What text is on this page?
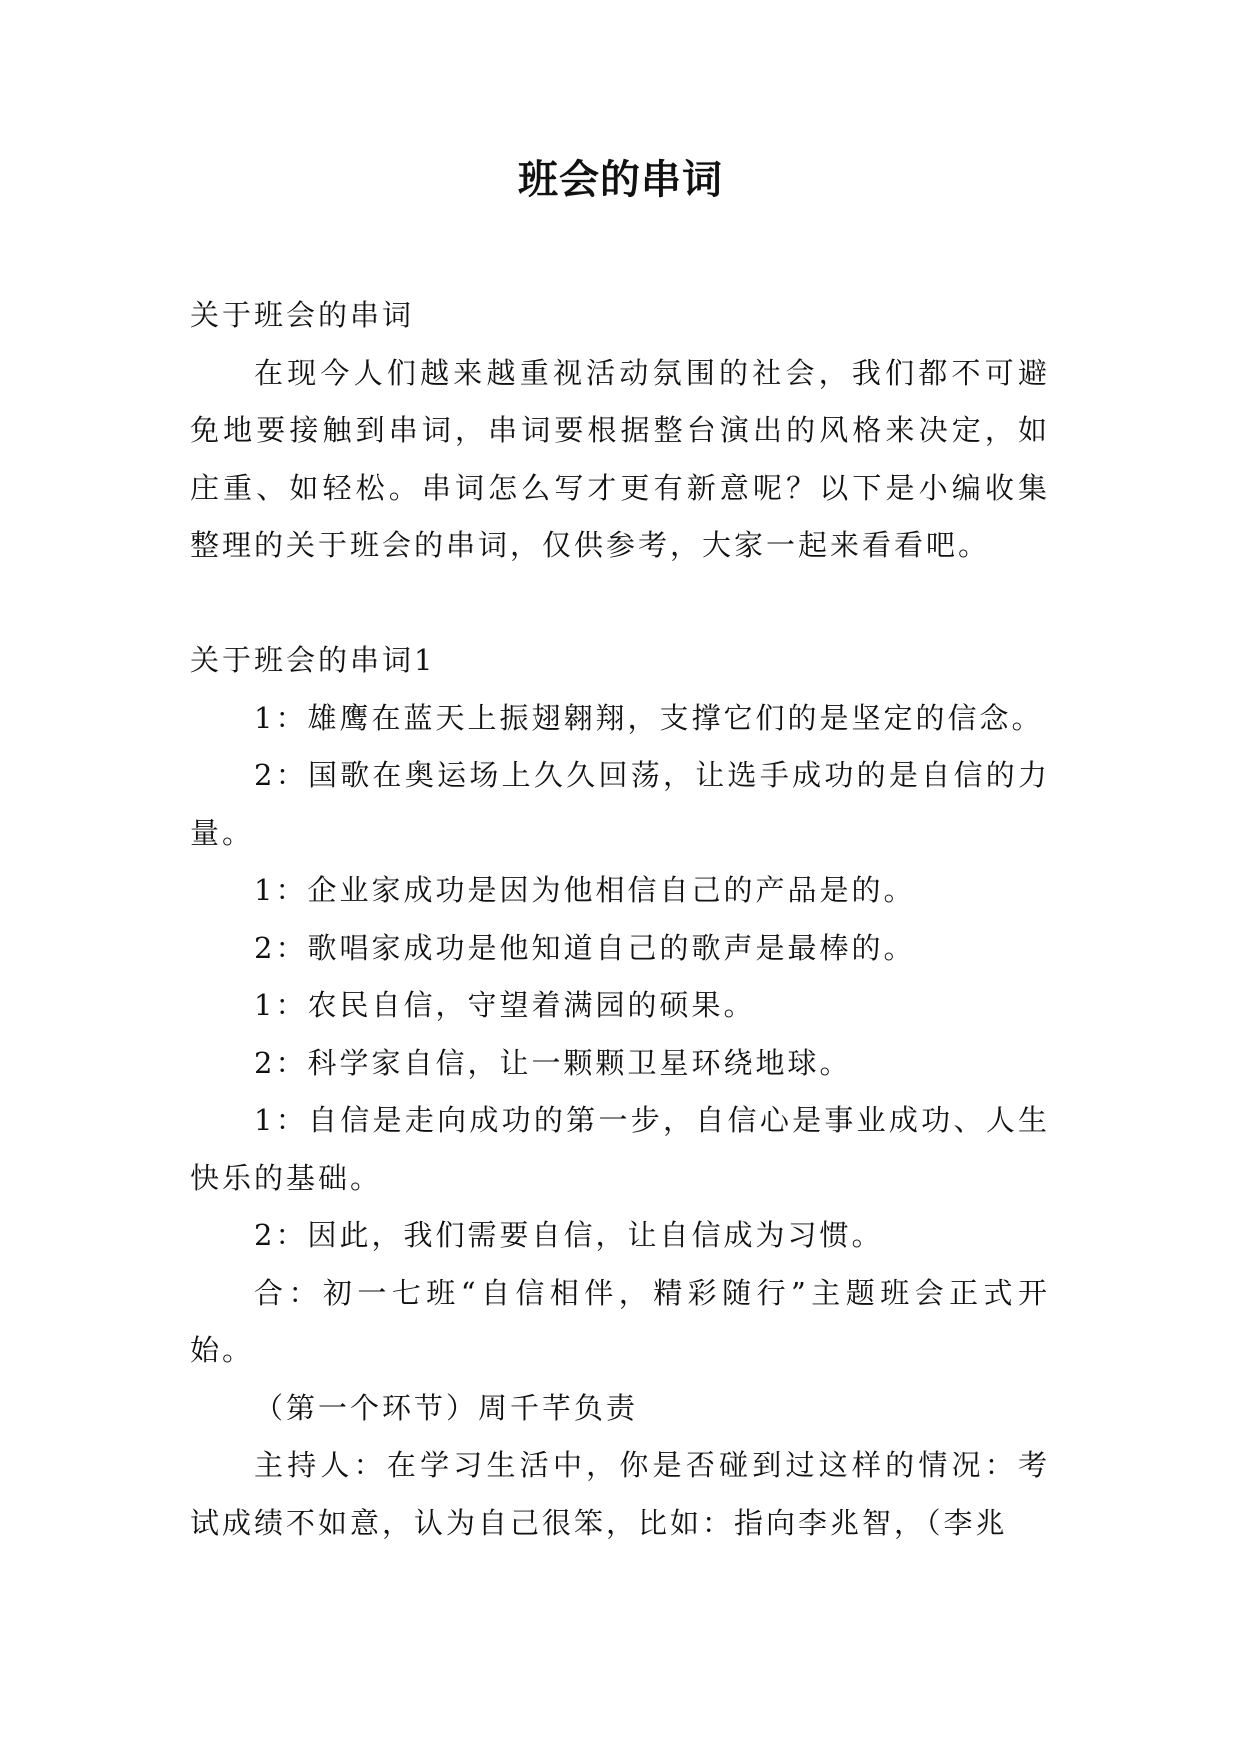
班会的串词

关于班会的串词

在现今人们越来越重视活动氛围的社会，我们都不可避免地要接触到串词，串词要根据整台演出的风格来决定，如庄重、如轻松。串词怎么写才更有新意呢？以下是小编收集整理的关于班会的串词，仅供参考，大家一起来看看吧。

关于班会的串词1

1：雄鹰在蓝天上振翅翱翔，支撑它们的是坚定的信念。

2：国歌在奥运场上久久回荡，让选手成功的是自信的力量。

1：企业家成功是因为他相信自己的产品是的。

2：歌唱家成功是他知道自己的歌声是最棒的。

1：农民自信，守望着满园的硕果。

2：科学家自信，让一颗颗卫星环绕地球。

1：自信是走向成功的第一步，自信心是事业成功、人生快乐的基础。

2：因此，我们需要自信，让自信成为习惯。

合：初一七班“自信相伴，精彩随行”主题班会正式开始。

（第一个环节）周千芊负责

主持人：在学习生活中，你是否碰到过这样的情况：考试成绩不如意，认为自己很笨，比如：指向李兆智，（李兆
